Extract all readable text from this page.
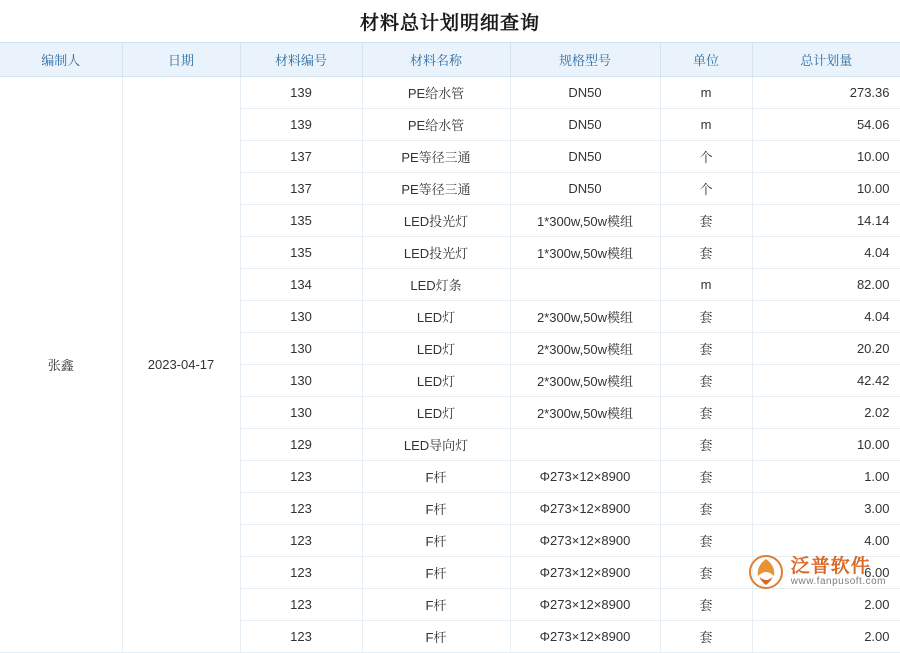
材料总计划明细查询
编制人	日期	材料编号	材料名称	规格型号	单位	总计划量
张鑫	2023-04-17	139	PE给水管	DN50	m	273.36
		139	PE给水管	DN50	m	54.06
		137	PE等径三通	DN50	个	10.00
		137	PE等径三通	DN50	个	10.00
		135	LED投光灯	1*300w,50w模组	套	14.14
		135	LED投光灯	1*300w,50w模组	套	4.04
		134	LED灯条		m	82.00
		130	LED灯	2*300w,50w模组	套	4.04
		130	LED灯	2*300w,50w模组	套	20.20
		130	LED灯	2*300w,50w模组	套	42.42
		130	LED灯	2*300w,50w模组	套	2.02
		129	LED导向灯		套	10.00
		123	F杆	Φ273×12×8900	套	1.00
		123	F杆	Φ273×12×8900	套	3.00
		123	F杆	Φ273×12×8900	套	4.00
		123	F杆	Φ273×12×8900	套	6.00
		123	F杆	Φ273×12×8900	套	2.00
		123	F杆	Φ273×12×8900	套	2.00
泛普软件
www.fanpusoft.com
